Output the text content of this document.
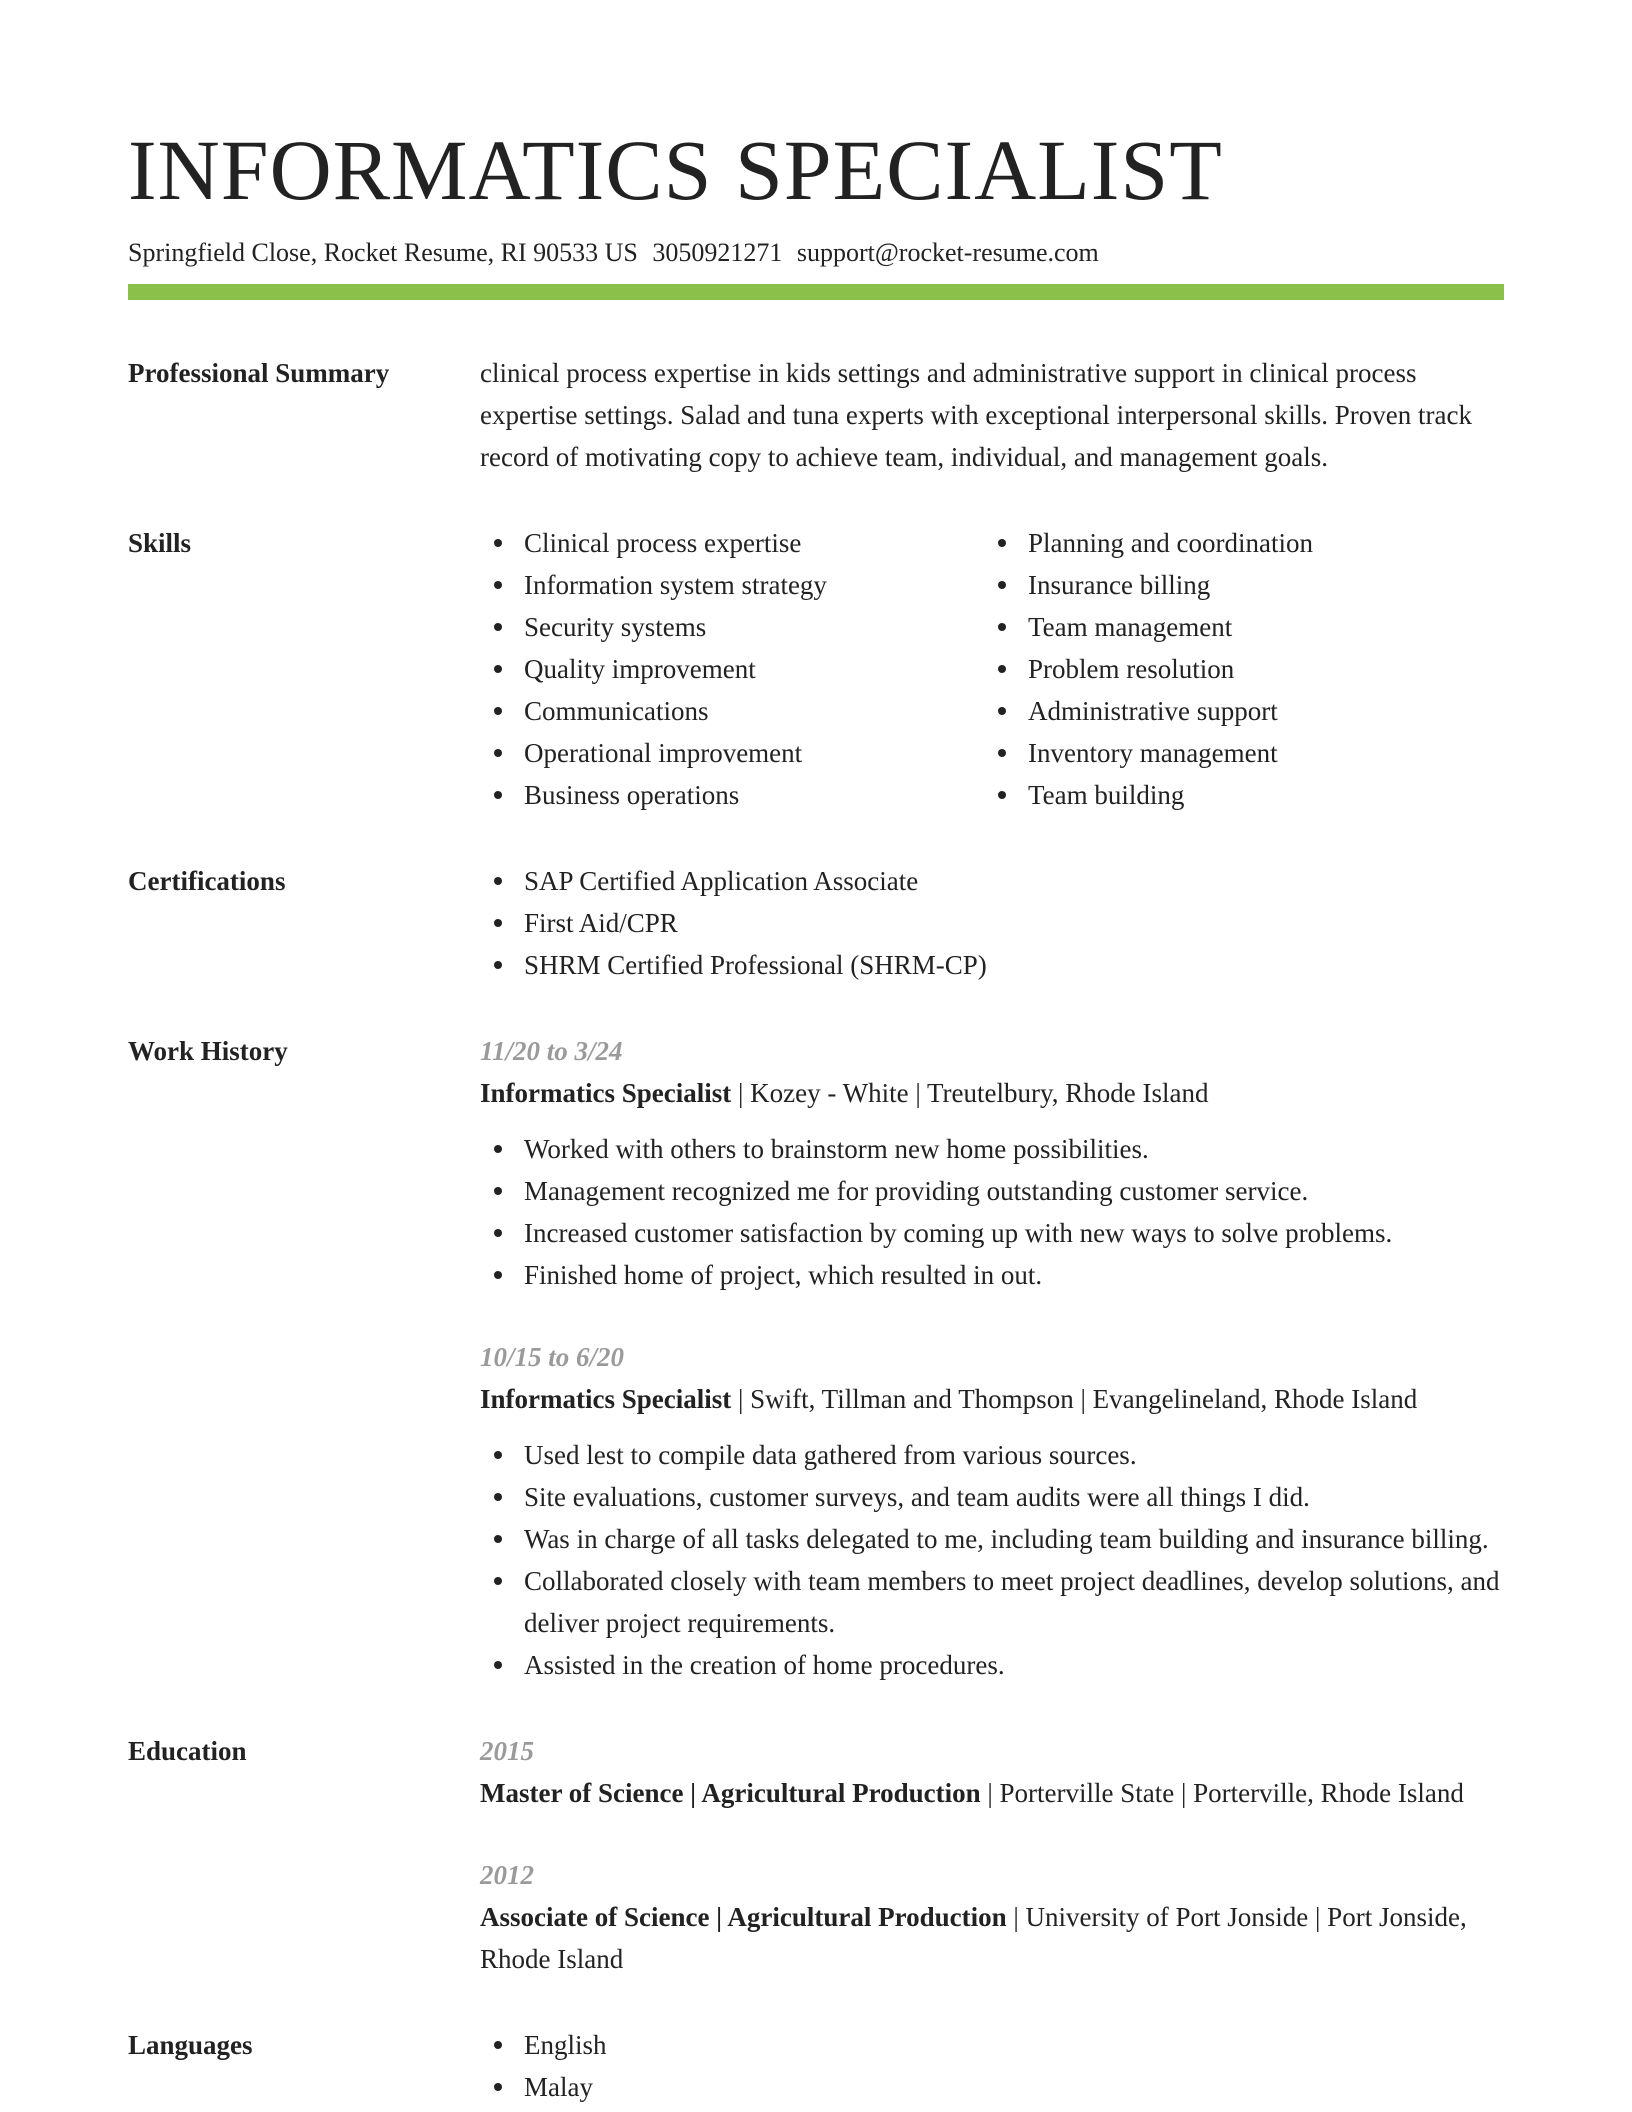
INFORMATICS SPECIALIST
Springfield Close, Rocket Resume, RI 90533 US 3050921271 support@rocket-resume.com
Professional Summary	clinical process expertise in kids settings and administrative support in clinical process expertise settings. Salad and tuna experts with exceptional interpersonal skills. Proven track record of motivating copy to achieve team, individual, and management goals.
Skills	Clinical process expertise
Information system strategy
Security systems
Quality improvement
Communications
Operational improvement
Business operations
Planning and coordination
Insurance billing
Team management
Problem resolution
Administrative support
Inventory management
Team building
Certifications	SAP Certified Application Associate
First Aid/CPR
SHRM Certified Professional (SHRM-CP)
Work History	11/20 to 3/24
Informatics Specialist | Kozey - White | Treutelbury, Rhode Island
Worked with others to brainstorm new home possibilities.
Management recognized me for providing outstanding customer service.
Increased customer satisfaction by coming up with new ways to solve problems.
Finished home of project, which resulted in out.
10/15 to 6/20
Informatics Specialist | Swift, Tillman and Thompson | Evangelineland, Rhode Island
Used lest to compile data gathered from various sources.
Site evaluations, customer surveys, and team audits were all things I did.
Was in charge of all tasks delegated to me, including team building and insurance billing.
Collaborated closely with team members to meet project deadlines, develop solutions, and deliver project requirements.
Assisted in the creation of home procedures.
Education	2015
Master of Science | Agricultural Production | Porterville State | Porterville, Rhode Island
2012
Associate of Science | Agricultural Production | University of Port Jonside | Port Jonside, Rhode Island
Languages	English
Malay
